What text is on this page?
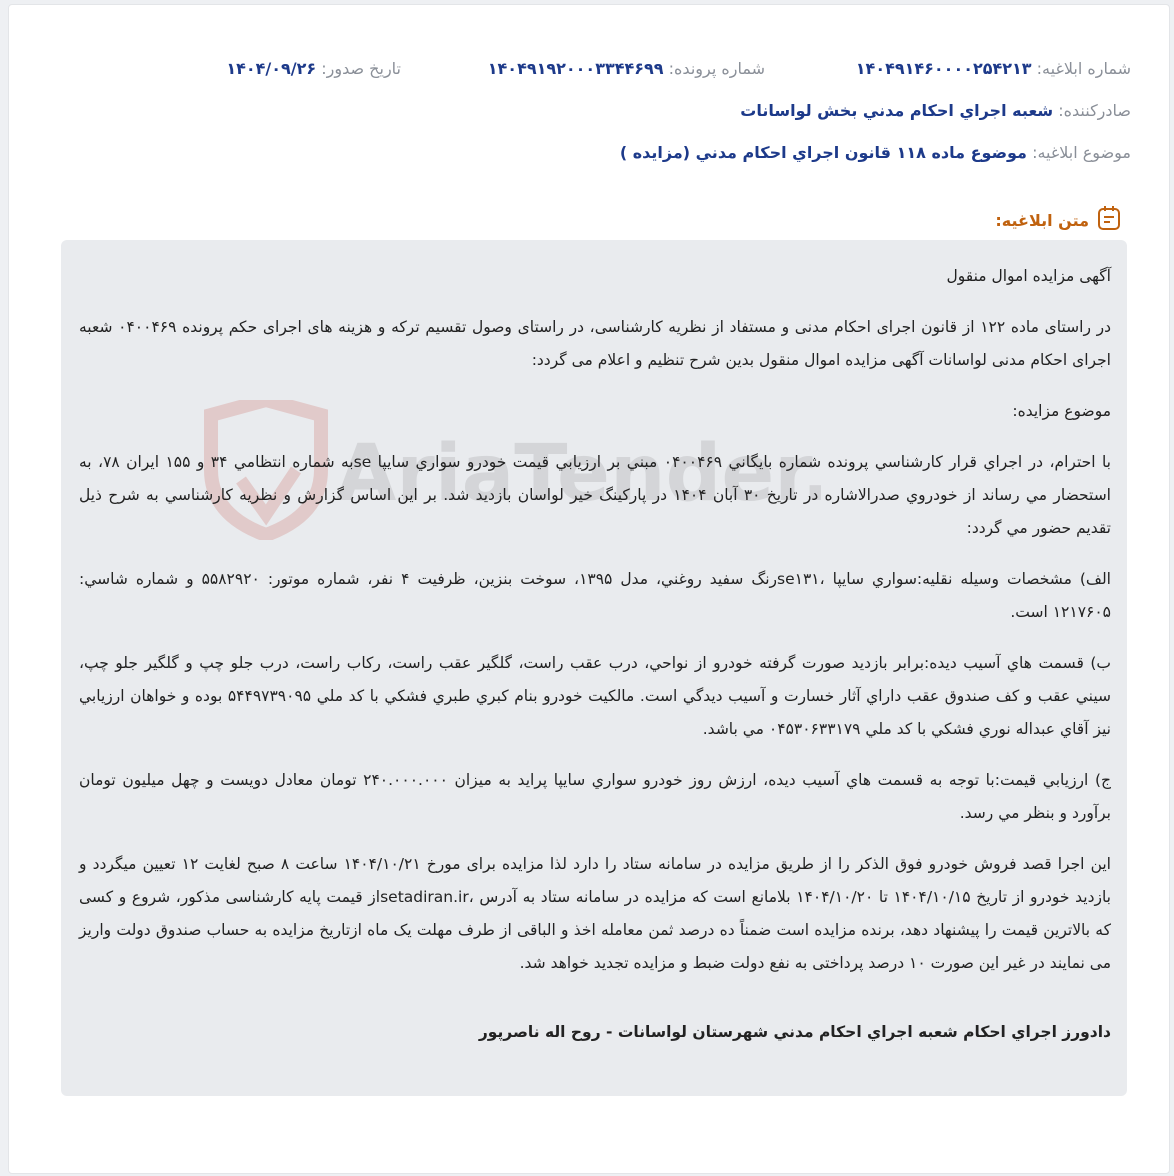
شماره ابلاغیه: ۱۴۰۴۹۱۴۶۰۰۰۰۲۵۴۲۱۳
شماره پرونده: ۱۴۰۴۹۱۹۲۰۰۰۳۳۴۴۶۹۹
تاریخ صدور: ۱۴۰۴/۰۹/۲۶
صادرکننده: شعبه اجراي احکام مدني بخش لواسانات
موضوع ابلاغیه: موضوع ماده ۱۱۸ قانون اجراي احکام مدني (مزايده )
متن ابلاغیه:
AriaTender

آگهی مزایده اموال منقول

در راستای ماده ۱۲۲ از قانون اجرای احکام مدنی و مستفاد از نظریه کارشناسی، در راستای وصول تقسیم ترکه و هزینه های اجرای حکم پرونده ۰۴۰۰۴۶۹ شعبه اجرای احکام مدنی لواسانات آگهی مزایده اموال منقول بدین شرح تنظیم و اعلام می گردد:

موضوع مزایده:

با احترام، در اجراي قرار کارشناسي پرونده شماره بايگاني ۰۴۰۰۴۶۹ مبني بر ارزيابي قيمت خودرو سواري سايپا seبه شماره انتظامي ۳۴ و ۱۵۵ ايران ۷۸، به استحضار مي رساند از خودروي صدرالاشاره در تاريخ ۳۰ آبان ۱۴۰۴ در پارکينگ خير لواسان بازديد شد. بر اين اساس گزارش و نظريه کارشناسي به شرح ذيل تقديم حضور مي گردد:

الف) مشخصات وسيله نقليه:سواري سايپا ،se۱۳۱رنگ سفيد روغني، مدل ۱۳۹۵، سوخت بنزين، ظرفيت ۴ نفر، شماره موتور: ۵۵۸۲۹۲۰ و شماره شاسي: ۱۲۱۷۶۰۵ است.

ب) قسمت هاي آسيب ديده:برابر بازديد صورت گرفته خودرو از نواحي، درب عقب راست، گلگير عقب راست، رکاب راست، درب جلو چپ و گلگير جلو چپ، سيني عقب و کف صندوق عقب داراي آثار خسارت و آسيب ديدگي است. مالکيت خودرو بنام کبري طبري فشکي با کد ملي ۵۴۴۹۷۳۹۰۹۵ بوده و خواهان ارزيابي نيز آقاي عبداله نوري فشکي با کد ملي ۰۴۵۳۰۶۳۳۱۷۹ مي باشد.

ج) ارزيابي قيمت:با توجه به قسمت هاي آسيب ديده، ارزش روز خودرو سواري سايپا پرايد به ميزان ۲۴۰.۰۰۰.۰۰۰ تومان معادل دويست و چهل ميليون تومان برآورد و بنظر مي رسد.

این اجرا قصد فروش خودرو فوق الذکر را از طریق مزایده در سامانه ستاد را دارد لذا مزایده برای مورخ ۱۴۰۴/۱۰/۲۱ ساعت ۸ صبح لغایت ۱۲ تعیین میگردد و بازدید خودرو از تاریخ ۱۴۰۴/۱۰/۱۵ تا ۱۴۰۴/۱۰/۲۰ بلامانع است که مزایده در سامانه ستاد به آدرس ،setadiran.irاز قیمت پایه کارشناسی مذکور، شروع و کسی که بالاترین قیمت را پیشنهاد دهد، برنده مزایده است ضمناً ده درصد ثمن معامله اخذ و الباقی از طرف مهلت یک ماه ازتاریخ مزایده به حساب صندوق دولت واریز می نمایند در غیر این صورت ۱۰ درصد پرداختی به نفع دولت ضبط و مزایده تجدید خواهد شد.

دادورز اجراي احکام شعبه اجراي احکام مدني شهرستان لواسانات - روح اله ناصرپور
